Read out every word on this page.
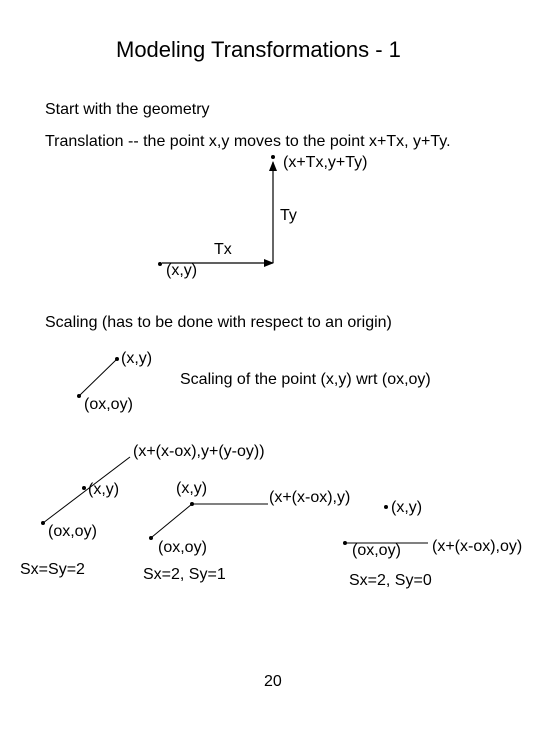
Modeling Transformations - 1
Start with the geometry
Translation -- the point x,y moves to the point x+Tx, y+Ty.
(x+Tx,y+Ty)
Ty
Tx
(x,y)
Scaling (has to be done with respect to an origin)
(x,y)
Scaling of the point (x,y) wrt (ox,oy)
(ox,oy)
(x+(x-ox),y+(y-oy))
(x,y)
(ox,oy)
Sx=Sy=2
(x,y)
(x+(x-ox),y)
(ox,oy)
Sx=2, Sy=1
(x,y)
(ox,oy) (x+(x-ox),oy)
Sx=2, Sy=0
20
